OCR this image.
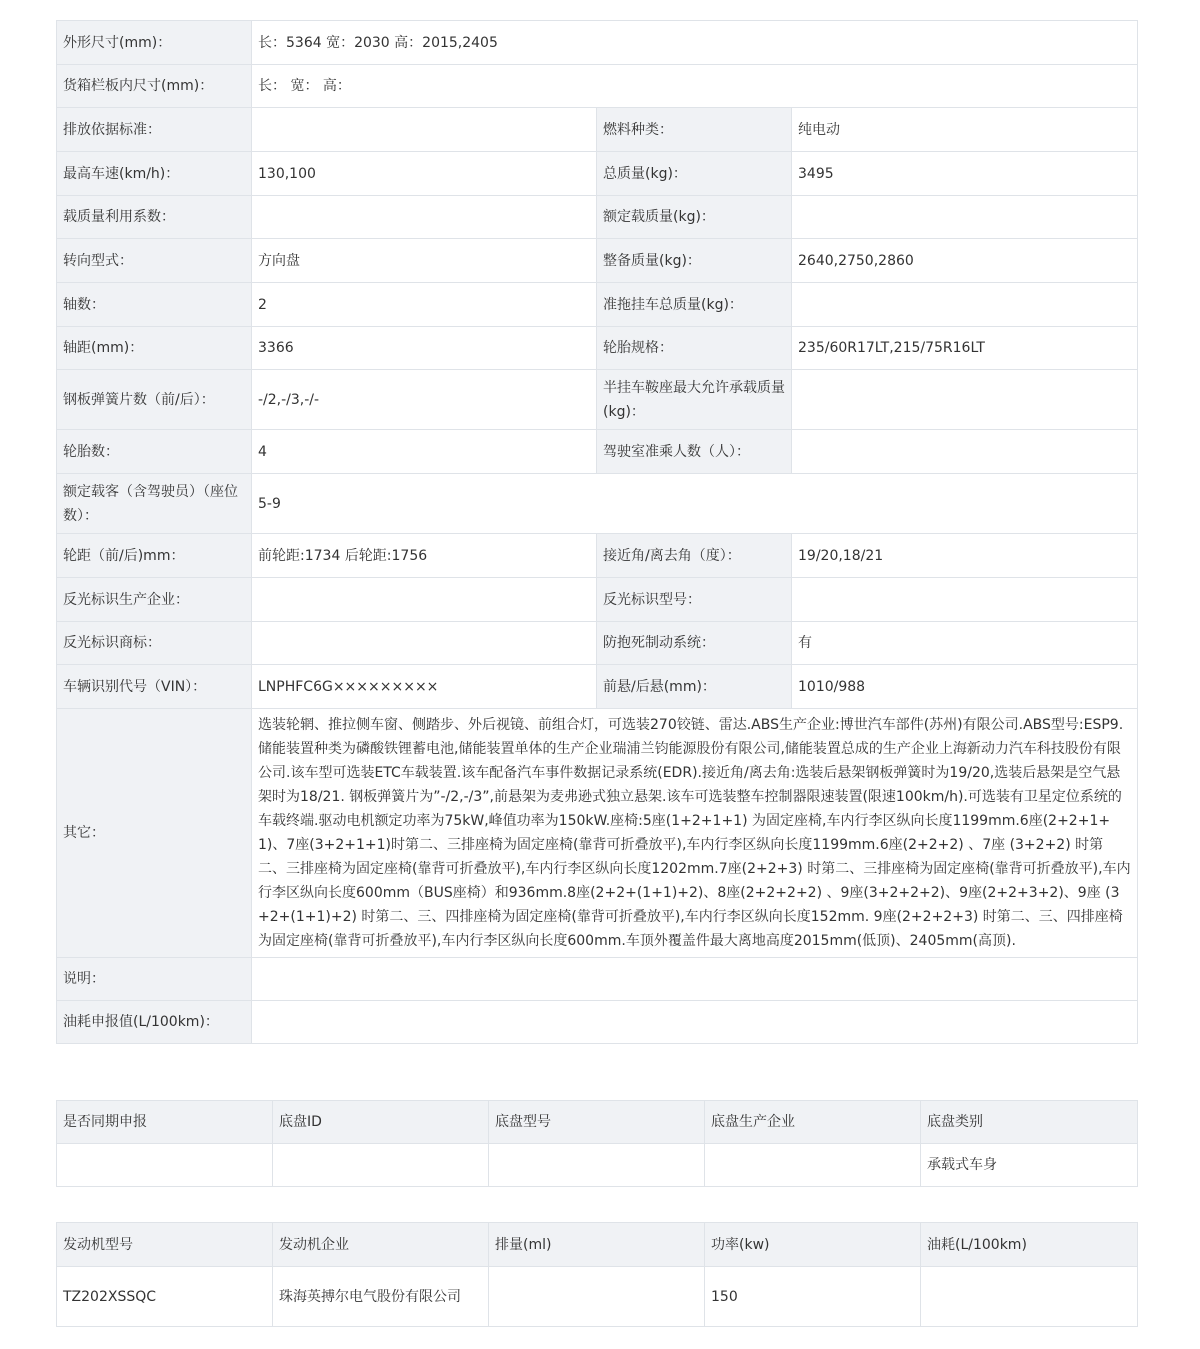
外形尺寸(mm)：	长：5364 宽：2030 高：2015,2405		
货箱栏板内尺寸(mm)：	长： 宽： 高：		
排放依据标准：		燃料种类：	纯电动
最高车速(km/h)：	130,100	总质量(kg)：	3495
载质量利用系数：		额定载质量(kg)：	
转向型式：	方向盘	整备质量(kg)：	2640,2750,2860
轴数：	2	准拖挂车总质量(kg)：	
轴距(mm)：	3366	轮胎规格：	235/60R17LT,215/75R16LT
钢板弹簧片数（前/后）：	-/2,-/3,-/-	半挂车鞍座最大允许承载质量(kg)：	
轮胎数：	4	驾驶室准乘人数（人）：	
额定载客（含驾驶员）（座位数）：	5-9		
轮距（前/后)mm：	前轮距:1734 后轮距:1756	接近角/离去角（度）：	19/20,18/21
反光标识生产企业：		反光标识型号：	
反光标识商标：		防抱死制动系统：	有
车辆识别代号（VIN）：	LNPHFC6G×××××××××	前悬/后悬(mm)：	1010/988
其它：	选装轮辋、推拉侧车窗、侧踏步、外后视镜、前组合灯，可选装270铰链、雷达.ABS生产企业:博世汽车部件(苏州)有限公司.ABS型号:ESP9.储能装置种类为磷酸铁锂蓄电池,储能装置单体的生产企业瑞浦兰钧能源股份有限公司,储能装置总成的生产企业上海新动力汽车科技股份有限公司.该车型可选装ETC车载装置.该车配备汽车事件数据记录系统(EDR).接近角/离去角:选装后悬架钢板弹簧时为19/20,选装后悬架是空气悬架时为18/21. 钢板弹簧片为”-/2,-/3”,前悬架为麦弗逊式独立悬架.该车可选装整车控制器限速装置(限速100km/h).可选装有卫星定位系统的车载终端.驱动电机额定功率为75kW,峰值功率为150kW.座椅:5座(1+2+1+1) 为固定座椅,车内行李区纵向长度1199mm.6座(2+2+1+1)、7座(3+2+1+1)时第二、三排座椅为固定座椅(靠背可折叠放平),车内行李区纵向长度1199mm.6座(2+2+2) 、7座 (3+2+2) 时第二、三排座椅为固定座椅(靠背可折叠放平),车内行李区纵向长度1202mm.7座(2+2+3) 时第二、三排座椅为固定座椅(靠背可折叠放平),车内行李区纵向长度600mm（BUS座椅）和936mm.8座(2+2+(1+1)+2)、8座(2+2+2+2) 、9座(3+2+2+2)、9座(2+2+3+2)、9座 (3+2+(1+1)+2) 时第二、三、四排座椅为固定座椅(靠背可折叠放平),车内行李区纵向长度152mm. 9座(2+2+2+3) 时第二、三、四排座椅为固定座椅(靠背可折叠放平),车内行李区纵向长度600mm.车顶外覆盖件最大离地高度2015mm(低顶)、2405mm(高顶).		
说明：			
油耗申报值(L/100km)：			
是否同期申报	底盘ID	底盘型号	底盘生产企业	底盘类别
				承载式车身
发动机型号	发动机企业	排量(ml)	功率(kw)	油耗(L/100km)
TZ202XSSQC	珠海英搏尔电气股份有限公司		150	
